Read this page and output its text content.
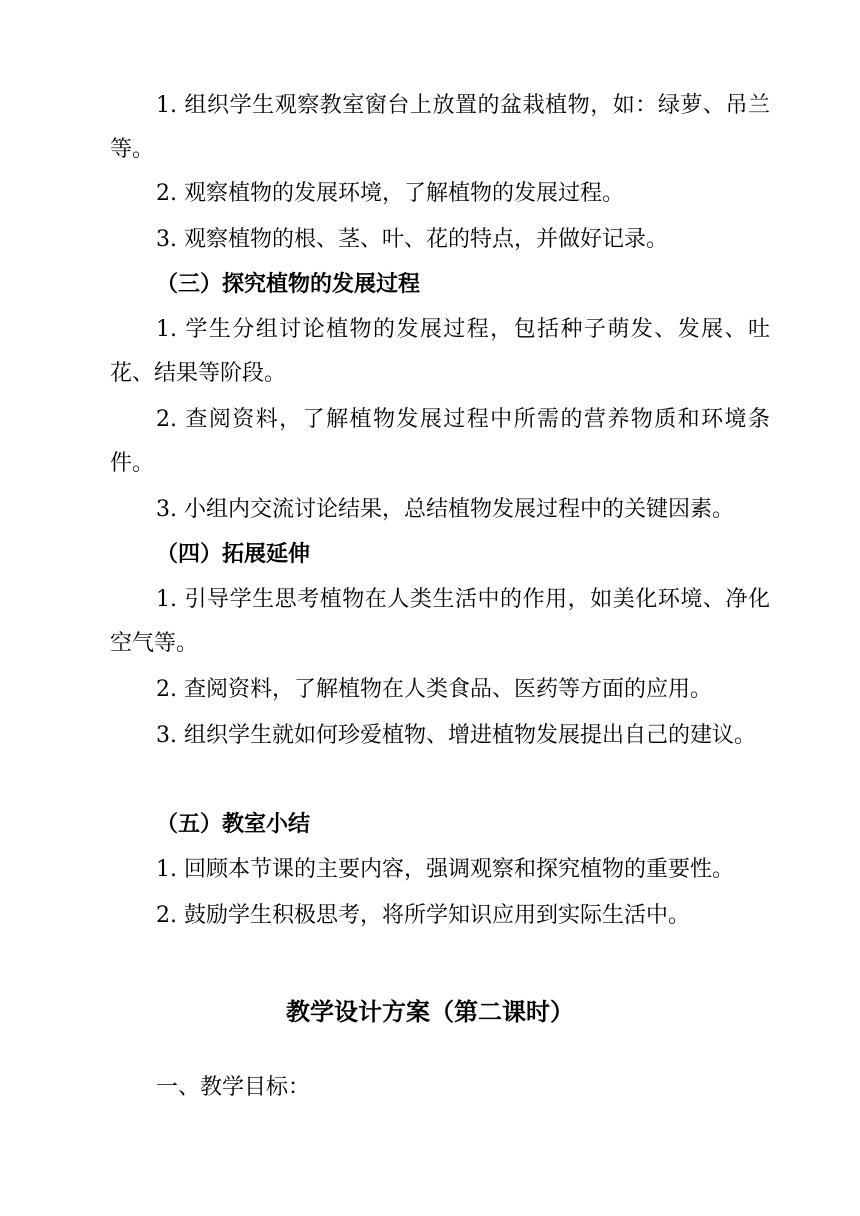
1. 组织学生观察教室窗台上放置的盆栽植物，如：绿萝、吊兰等。

2. 观察植物的发展环境，了解植物的发展过程。

3. 观察植物的根、茎、叶、花的特点，并做好记录。

（三）探究植物的发展过程

1. 学生分组讨论植物的发展过程，包括种子萌发、发展、吐花、结果等阶段。

2. 查阅资料，了解植物发展过程中所需的营养物质和环境条件。

3. 小组内交流讨论结果，总结植物发展过程中的关键因素。

（四）拓展延伸

1. 引导学生思考植物在人类生活中的作用，如美化环境、净化空气等。

2. 查阅资料，了解植物在人类食品、医药等方面的应用。

3. 组织学生就如何珍爱植物、增进植物发展提出自己的建议。

（五）教室小结

1. 回顾本节课的主要内容，强调观察和探究植物的重要性。

2. 鼓励学生积极思考，将所学知识应用到实际生活中。

教学设计方案（第二课时）

一、教学目标：
